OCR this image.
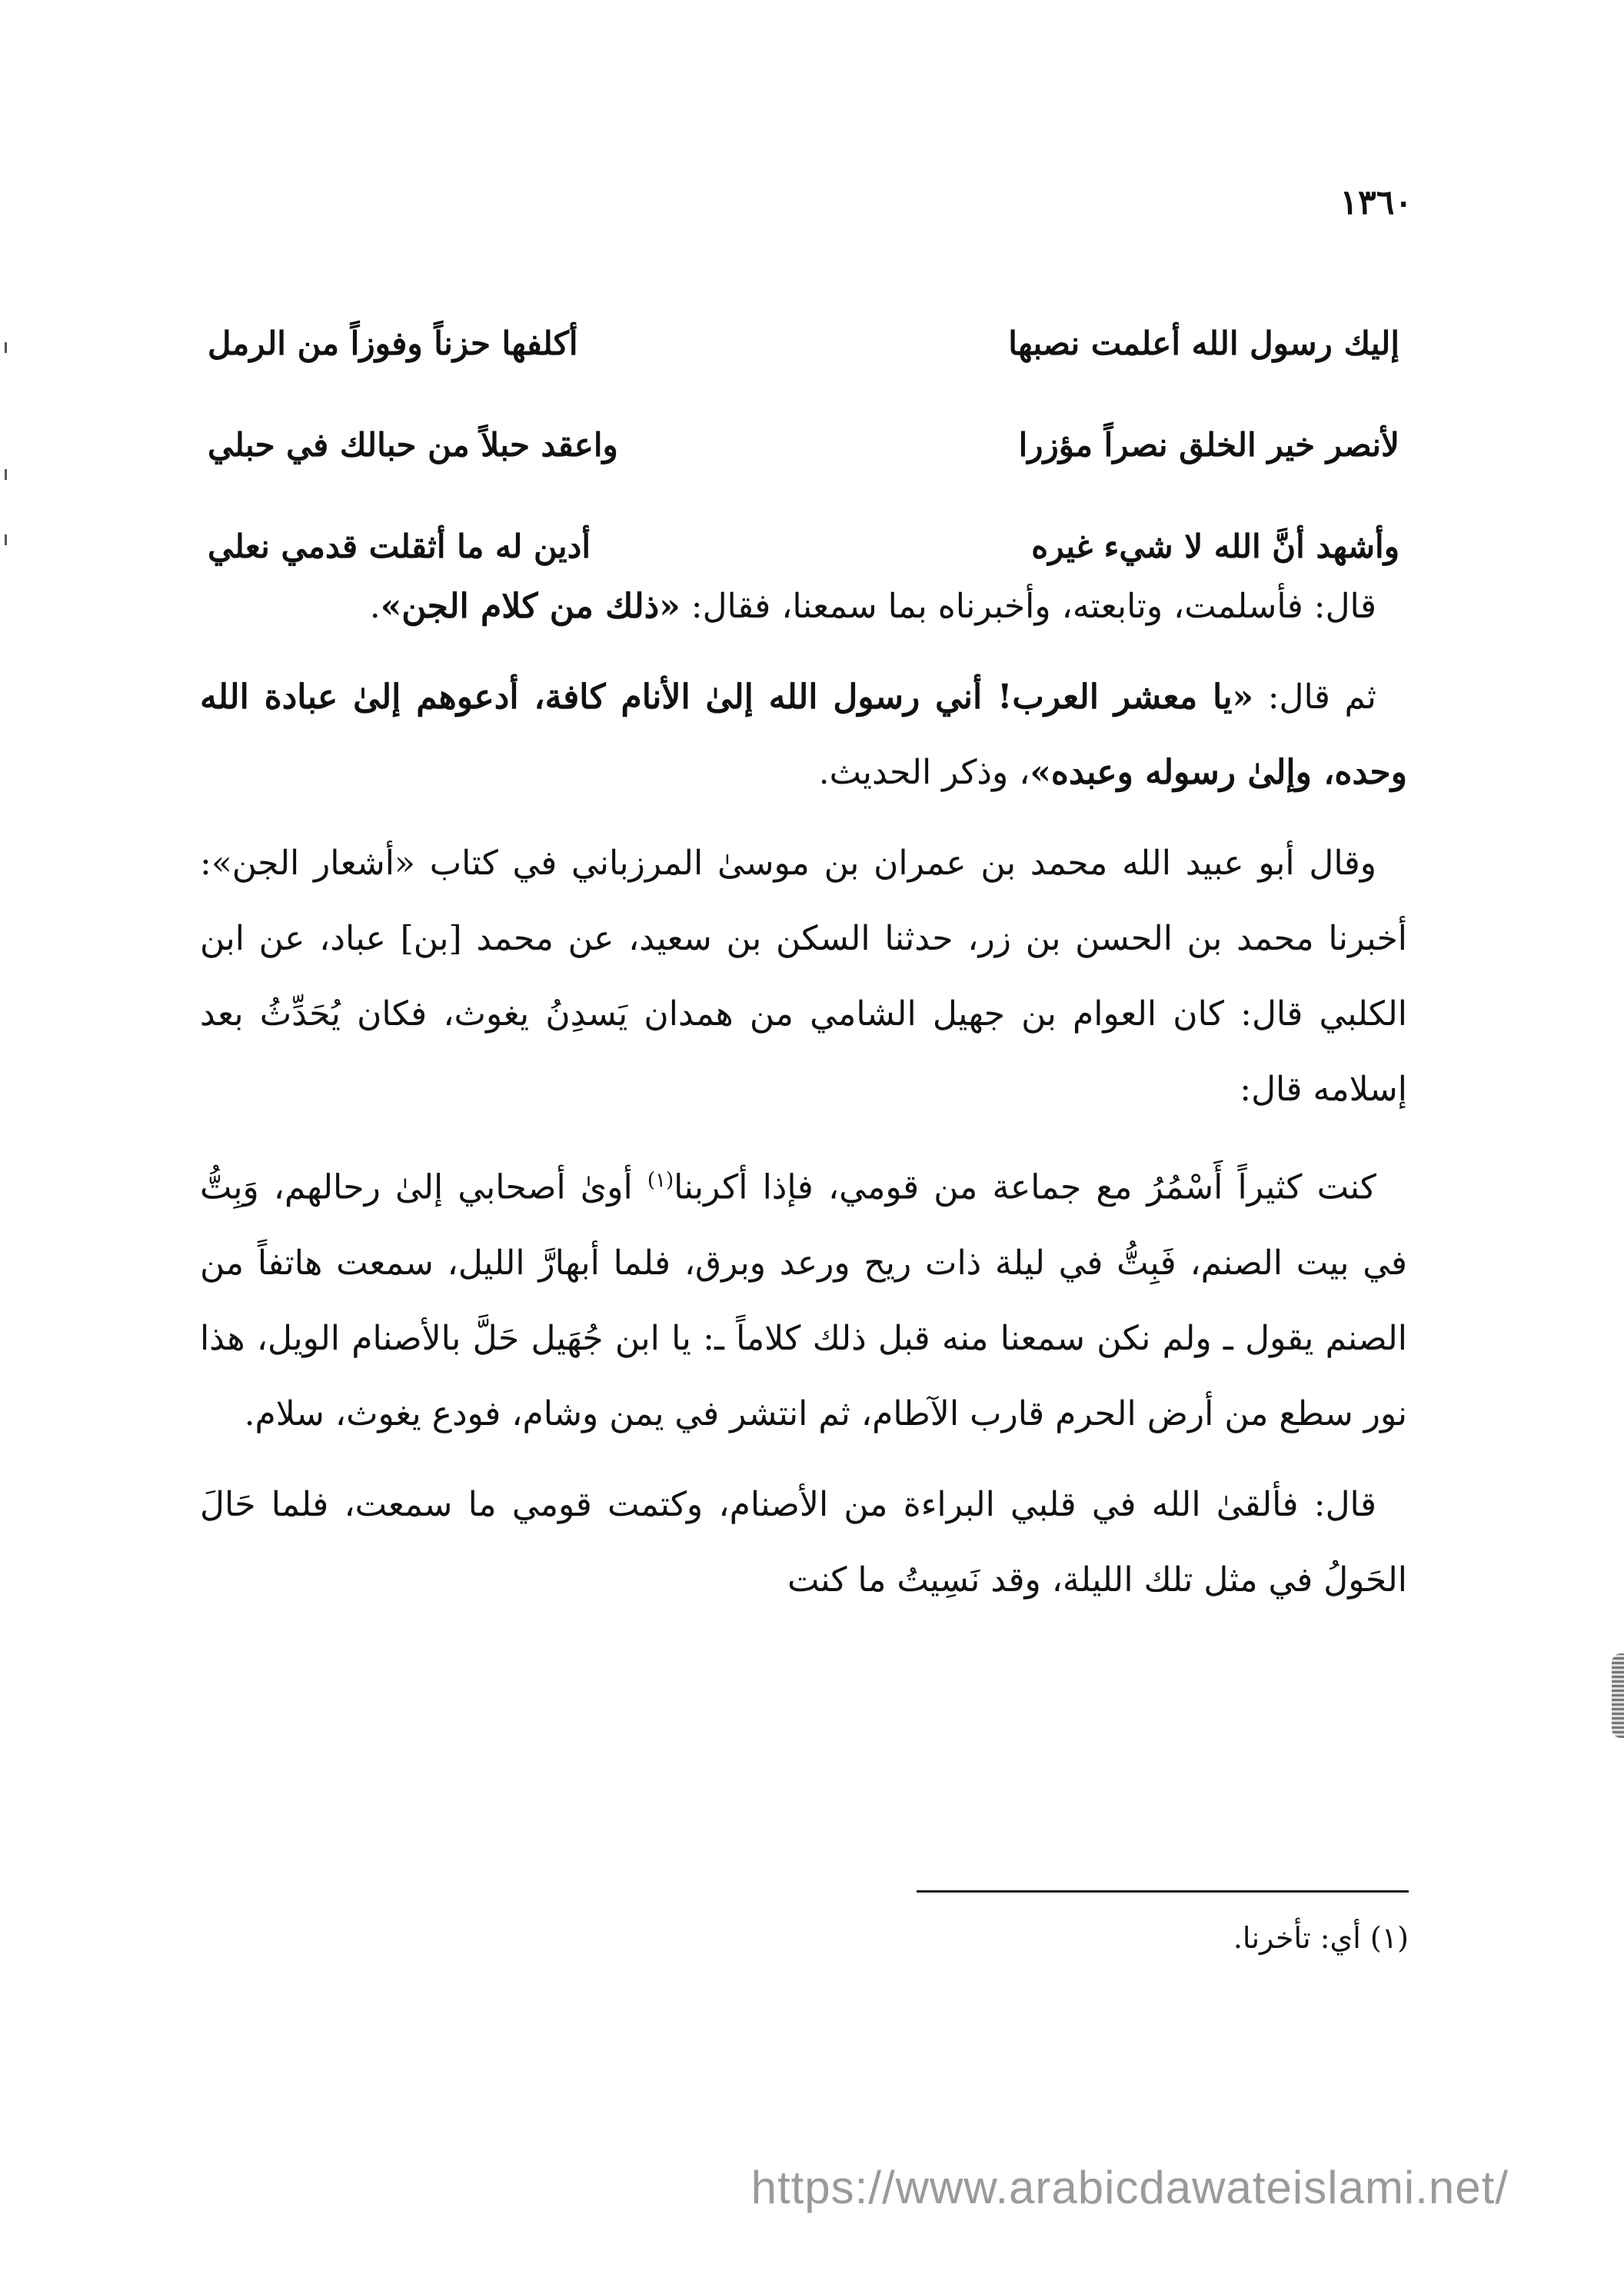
١٣٦٠
إليك رسول الله أعلمت نصبها
أكلفها حزناً وفوزاً من الرمل
لأنصر خير الخلق نصراً مؤزرا
واعقد حبلاً من حبالك في حبلي
وأشهد أنَّ الله لا شيء غيره
أدين له ما أثقلت قدمي نعلي

قال: فأسلمت، وتابعته، وأخبرناه بما سمعنا، فقال: «ذلك من كلام الجن».

ثم قال: «يا معشر العرب! أني رسول الله إلىٰ الأنام كافة، أدعوهم إلىٰ عبادة الله وحده، وإلىٰ رسوله وعبده»، وذكر الحديث.

وقال أبو عبيد الله محمد بن عمران بن موسىٰ المرزباني في كتاب «أشعار الجن»: أخبرنا محمد بن الحسن بن زر، حدثنا السكن بن سعيد، عن محمد [بن] عباد، عن ابن الكلبي قال: كان العوام بن جهيل الشامي من همدان يَسدِنُ يغوث، فكان يُحَدِّثُ بعد إسلامه قال:

كنت كثيراً أَسْمُرُ مع جماعة من قومي، فإذا أكربنا$^{(١)}$ أوىٰ أصحابي إلىٰ رحالهم، وَبِتُّ في بيت الصنم، فَبِتُّ في ليلة ذات ريح ورعد وبرق، فلما أبهارَّ الليل، سمعت هاتفاً من الصنم يقول ـ ولم نكن سمعنا منه قبل ذلك كلاماً ـ: يا ابن جُهَيل حَلَّ بالأصنام الويل، هذا نور سطع من أرض الحرم قارب الآطام، ثم انتشر في يمن وشام، فودع يغوث، سلام.

قال: فألقىٰ الله في قلبي البراءة من الأصنام، وكتمت قومي ما سمعت، فلما حَالَ الحَولُ في مثل تلك الليلة، وقد نَسِيتُ ما كنت

(١) أي: تأخرنا.
https://www.arabicdawateislami.net/
